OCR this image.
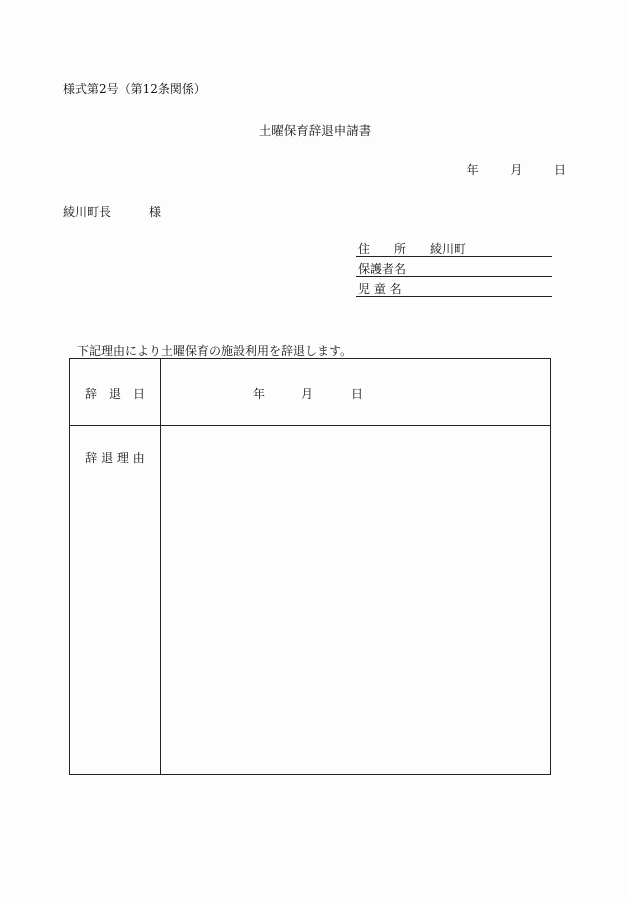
様式第2号（第12条関係）
土曜保育辞退申請書
年	月	日
綾川町長	様
住　　所 綾川町
保護者名
児 童 名
下記理由により土曜保育の施設利用を辞退します。
辞　退　日	年	月	日
辞 退 理 由
